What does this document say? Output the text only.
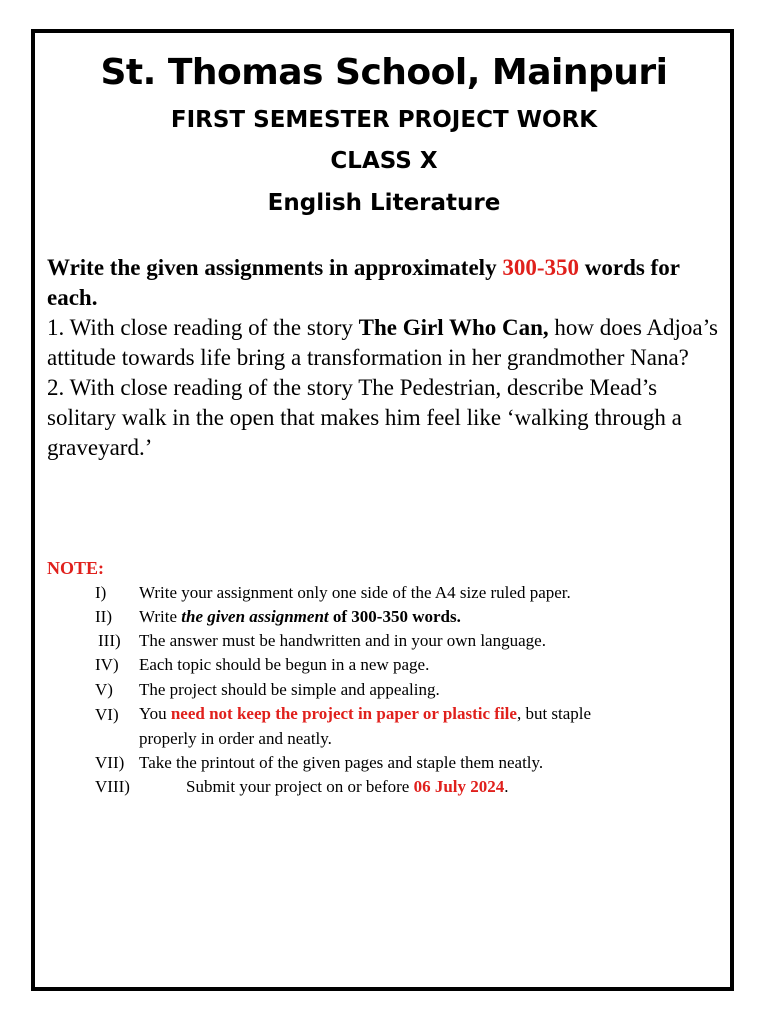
St. Thomas School, Mainpuri
FIRST SEMESTER PROJECT WORK
CLASS X
English Literature
Write the given assignments in approximately 300-350 words for each.
1. With close reading of the story The Girl Who Can, how does Adjoa’s attitude towards life bring a transformation in her grandmother Nana?
2. With close reading of the story The Pedestrian, describe Mead’s solitary walk in the open that makes him feel like ‘walking through a graveyard.’
NOTE:
I) Write your assignment only one side of the A4 size ruled paper.
II) Write the given assignment of 300-350 words.
III) The answer must be handwritten and in your own language.
IV) Each topic should be begun in a new page.
V) The project should be simple and appealing.
VI) You need not keep the project in paper or plastic file, but staple
properly in order and neatly.
VII) Take the printout of the given pages and staple them neatly.
VIII)	Submit your project on or before 06 July 2024.
